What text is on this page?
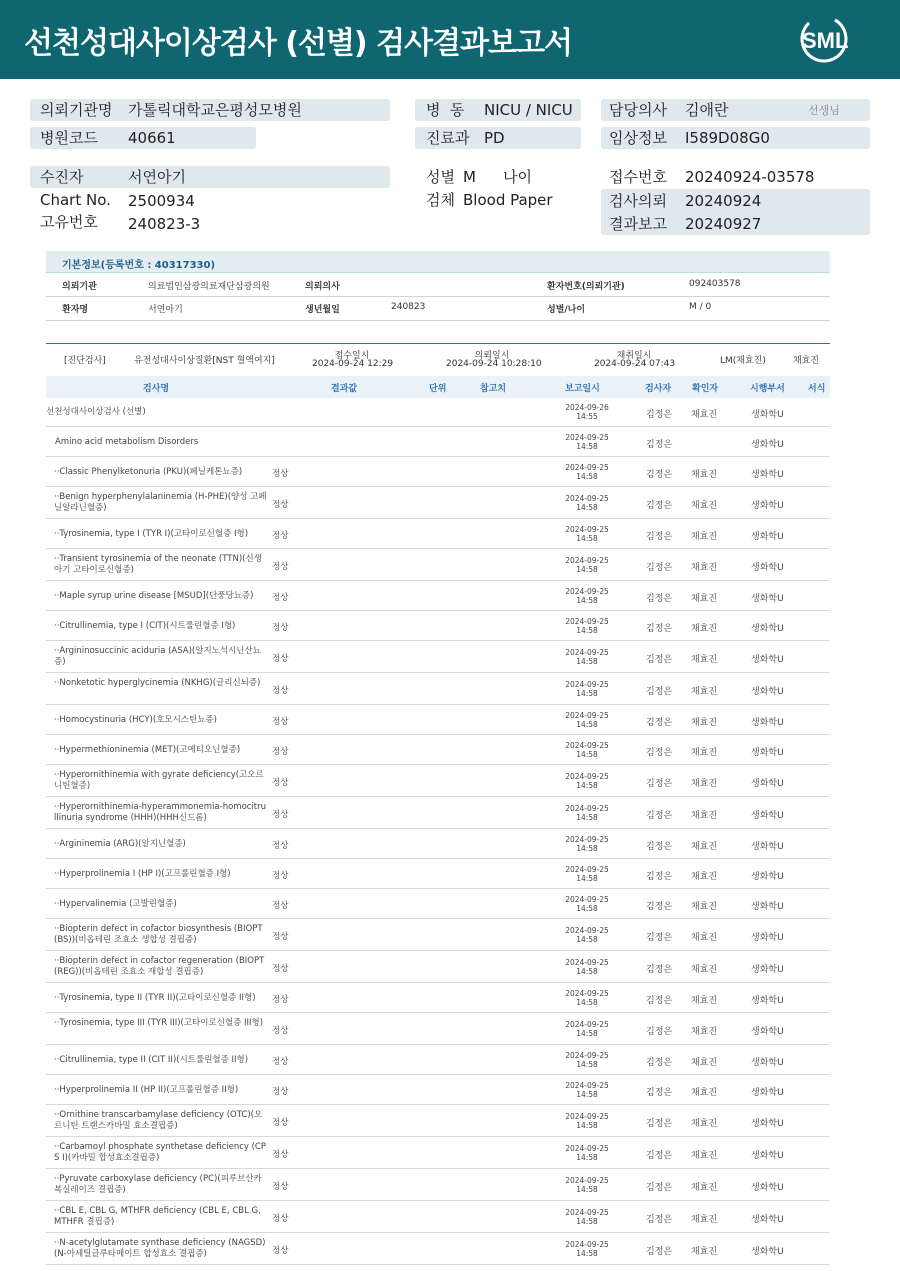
선천성대사이상검사 (선별) 검사결과보고서	SML
의뢰기관명 가톨릭대학교은평성모병원
병원코드 40661
병  동 NICU / NICU
진료과 PD
담당의사 김애란	선생님
임상정보 I589D08G0
수진자	서연아기
Chart No. 2500934
고유번호 240823-3
성별 M 나이
검체 Blood Paper
접수번호 20240924-03578
검사의뢰 20240924
결과보고 20240927
기본정보(등록번호 : 40317330)
의뢰기관	의료법인삼광의료재단삼광의원	의뢰의사	환자번호(의뢰기관)	092403578
환자명	서연아기	생년월일	240823	성별/나이	M / 0
[진단검사]	유전성대사이상질환[NST 혈액여지]	접수일시
2024-09-24 12:29
의뢰일시
2024-09-24 10:28:10
채취일시
2024-09-24 07:43	LM(채효진)	채효진
검사명	결과값	단위	참고치	보고일시	검사자 확인자	시행부서	서식
선천성대사이상검사 (선별)	2024-09-26
14:55	김정은 채효진	생화학U
Amino acid metabolism Disorders	2024-09-25
14:58	김정은	생화학U
··Classic Phenylketonuria (PKU)(페닐케톤뇨증)	정상
2024-09-25
14:58	김정은 채효진	생화학U
··Benign hyperphenylalaninemia (H-PHE)(양성 고페닐알라닌혈증)	정상
2024-09-25
14:58	김정은 채효진	생화학U
··Tyrosinemia, type I (TYR I)(고타이로신혈증 I형)	정상
2024-09-25
14:58	김정은 채효진	생화학U
··Transient tyrosinemia of the neonate (TTN)(신생아기 고타이로신혈증)	정상
2024-09-25
14:58	김정은 채효진	생화학U
··Maple syrup urine disease [MSUD](단풍당뇨증)	정상
2024-09-25
14:58	김정은 채효진	생화학U
··Citrullinemia, type I (CIT)(시트룰린혈증 I형)	정상
2024-09-25
14:58	김정은 채효진	생화학U
··Argininosuccinic aciduria (ASA)(알지노석시닌산뇨증)	정상
2024-09-25
14:58	김정은 채효진	생화학U
··Nonketotic hyperglycinemia (NKHG)(글리신뇌증)
정상
2024-09-25
14:58	김정은 채효진	생화학U
··Homocystinuria (HCY)(호모시스틴뇨증)	정상
2024-09-25
14:58	김정은 채효진	생화학U
··Hypermethioninemia (MET)(고메티오닌혈증)	정상
2024-09-25
14:58	김정은 채효진	생화학U
··Hyperornithinemia with gyrate deficiency(고오르니틴혈증)	정상
2024-09-25
14:58	김정은 채효진	생화학U
··Hyperornithinemia-hyperammonemia-homocitrullinuria syndrome (HHH)(HHH신드롬)	정상
2024-09-25
14:58	김정은 채효진	생화학U
··Argininemia (ARG)(알지닌혈증)	정상
2024-09-25
14:58	김정은 채효진	생화학U
··Hyperprolinemia I (HP I)(고프롤린혈증 I형)	정상
2024-09-25
14:58	김정은 채효진	생화학U
··Hypervalinemia (고발린혈증)	정상
2024-09-25
14:58	김정은 채효진	생화학U
··Biopterin defect in cofactor biosynthesis (BIOPT(BS))(비옵테린 조효소 생합성 결핍증)	정상
2024-09-25
14:58	김정은 채효진	생화학U
··Biopterin defect in cofactor regeneration (BIOPT(REG))(비옵테린 조효소 재합성 결핍증)	정상
2024-09-25
14:58	김정은 채효진	생화학U
··Tyrosinemia, type II (TYR II)(고타이로신혈증 II형)	정상
2024-09-25
14:58	김정은 채효진	생화학U
··Tyrosinemia, type III (TYR III)(고타이로신혈증 III형)
정상
2024-09-25
14:58	김정은 채효진	생화학U
··Citrullinemia, type II (CIT II)(시트룰린혈증 II형)	정상
2024-09-25
14:58	김정은 채효진	생화학U
··Hyperprolinemia II (HP II)(고프롤린혈증 II형)	정상
2024-09-25
14:58	김정은 채효진	생화학U
··Ornithine transcarbamylase deficiency (OTC)(오르니틴 트랜스카바밀 효소결핍증)	정상
2024-09-25
14:58	김정은 채효진	생화학U
··Carbamoyl phosphate synthetase deficiency (CPS I)(카바밀 합성효소결핍증)	정상
2024-09-25
14:58	김정은 채효진	생화학U
··Pyruvate carboxylase deficiency (PC)(피루브산카복실레이즈 결핍증)	정상
2024-09-25
14:58	김정은 채효진	생화학U
··CBL E, CBL G, MTHFR deficiency (CBL E, CBL G, MTHFR 결핍증)	정상
2024-09-25
14:58	김정은 채효진	생화학U
··N-acetylglutamate synthase deficiency (NAGSD)(N-아세틸글루타메이트 합성효소 결핍증)	정상
2024-09-25
14:58	김정은 채효진	생화학U
